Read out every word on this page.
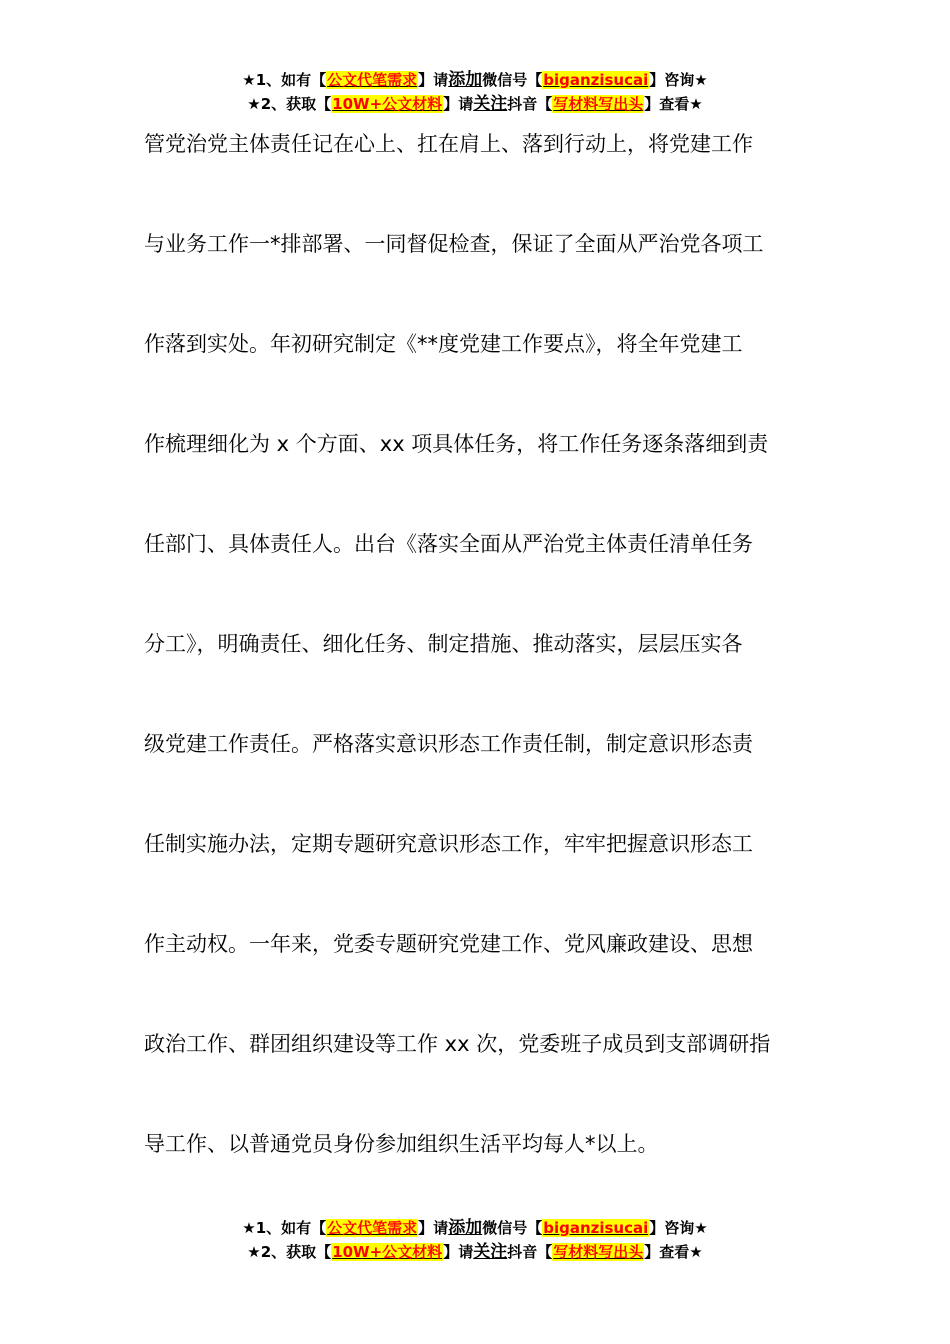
★1、如有【公文代笔需求】请添加微信号【biganzisucai】咨询★
★2、获取【10W+公文材料】请关注抖音【写材料写出头】查看★
管党治党主体责任记在心上、扛在肩上、落到行动上，将党建工作
与业务工作一*排部署、一同督促检查，保证了全面从严治党各项工
作落到实处。年初研究制定《**度党建工作要点》，将全年党建工
作梳理细化为 x 个方面、xx 项具体任务，将工作任务逐条落细到责
任部门、具体责任人。出台《落实全面从严治党主体责任清单任务
分工》，明确责任、细化任务、制定措施、推动落实，层层压实各
级党建工作责任。严格落实意识形态工作责任制，制定意识形态责
任制实施办法，定期专题研究意识形态工作，牢牢把握意识形态工
作主动权。一年来，党委专题研究党建工作、党风廉政建设、思想
政治工作、群团组织建设等工作 xx 次，党委班子成员到支部调研指
导工作、以普通党员身份参加组织生活平均每人*以上。
★1、如有【公文代笔需求】请添加微信号【biganzisucai】咨询★
★2、获取【10W+公文材料】请关注抖音【写材料写出头】查看★
